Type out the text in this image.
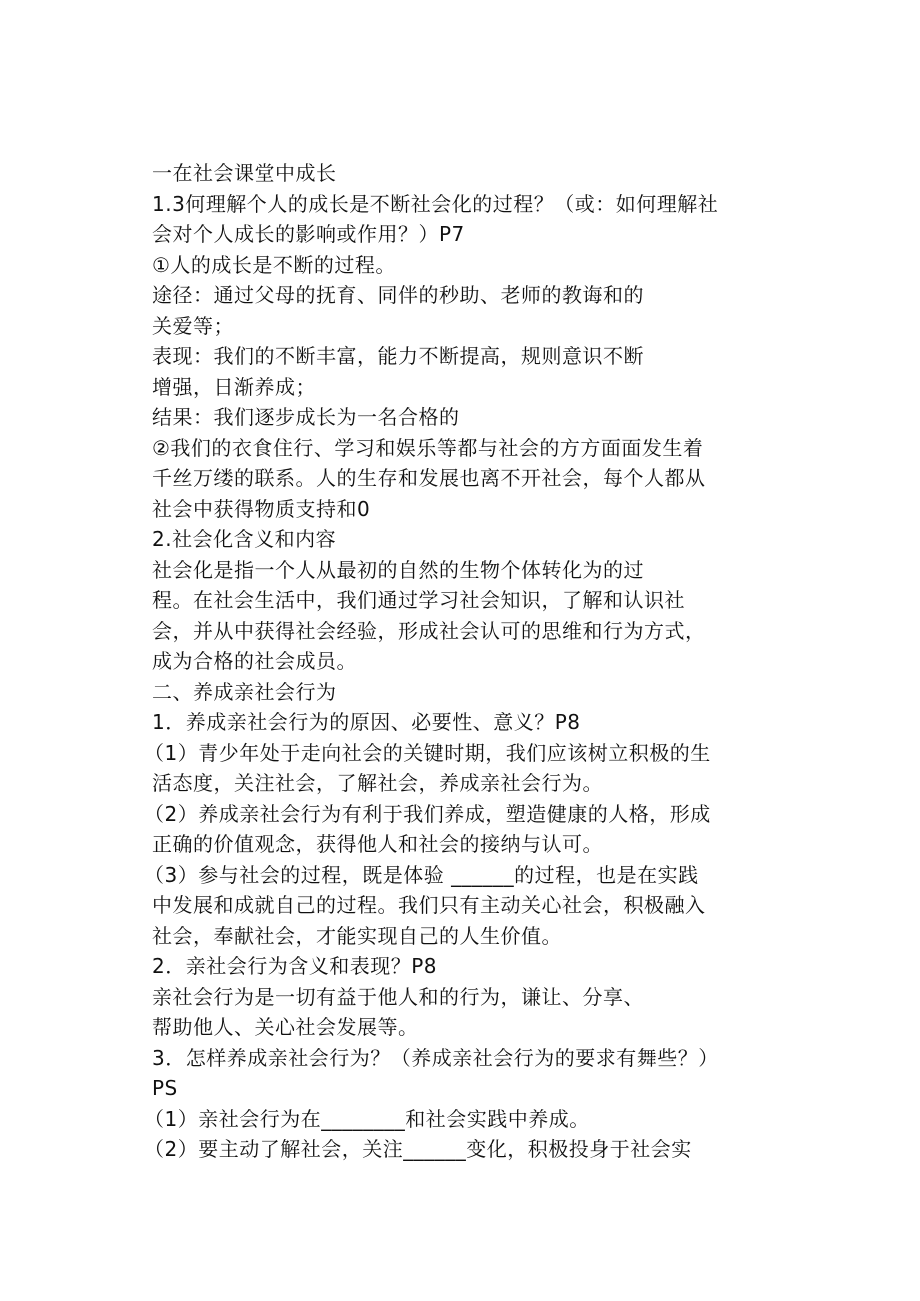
一在社会课堂中成长
1.3何理解个人的成长是不断社会化的过程？（或：如何理解社
会对个人成长的影响或作用？）P7
①人的成长是不断的过程。
途径：通过父母的抚育、同伴的秒助、老师的教诲和的
关爱等；
表现：我们的不断丰富，能力不断提高，规则意识不断
增强，日渐养成；
结果：我们逐步成长为一名合格的
②我们的衣食住行、学习和娱乐等都与社会的方方面面发生着
千丝万缕的联系。人的生存和发展也离不开社会，每个人都从
社会中获得物质支持和0
2.社会化含义和内容
社会化是指一个人从最初的自然的生物个体转化为的过
程。在社会生活中，我们通过学习社会知识，了解和认识社
会，并从中获得社会经验，形成社会认可的思维和行为方式，
成为合格的社会成员。
二、养成亲社会行为
1．养成亲社会行为的原因、必要性、意义？P8
（1）青少年处于走向社会的关键时期，我们应该树立积极的生
活态度，关注社会，了解社会，养成亲社会行为。
（2）养成亲社会行为有利于我们养成，塑造健康的人格，形成
正确的价值观念，获得他人和社会的接纳与认可。
（3）参与社会的过程，既是体验 ______的过程，也是在实践
中发展和成就自己的过程。我们只有主动关心社会，积极融入
社会，奉献社会，才能实现自己的人生价值。
2．亲社会行为含义和表现？P8
亲社会行为是一切有益于他人和的行为，谦让、分享、
帮助他人、关心社会发展等。
3．怎样养成亲社会行为？（养成亲社会行为的要求有舞些？）
PS
（1）亲社会行为在________和社会实践中养成。
（2）要主动了解社会，关注______变化，积极投身于社会实
